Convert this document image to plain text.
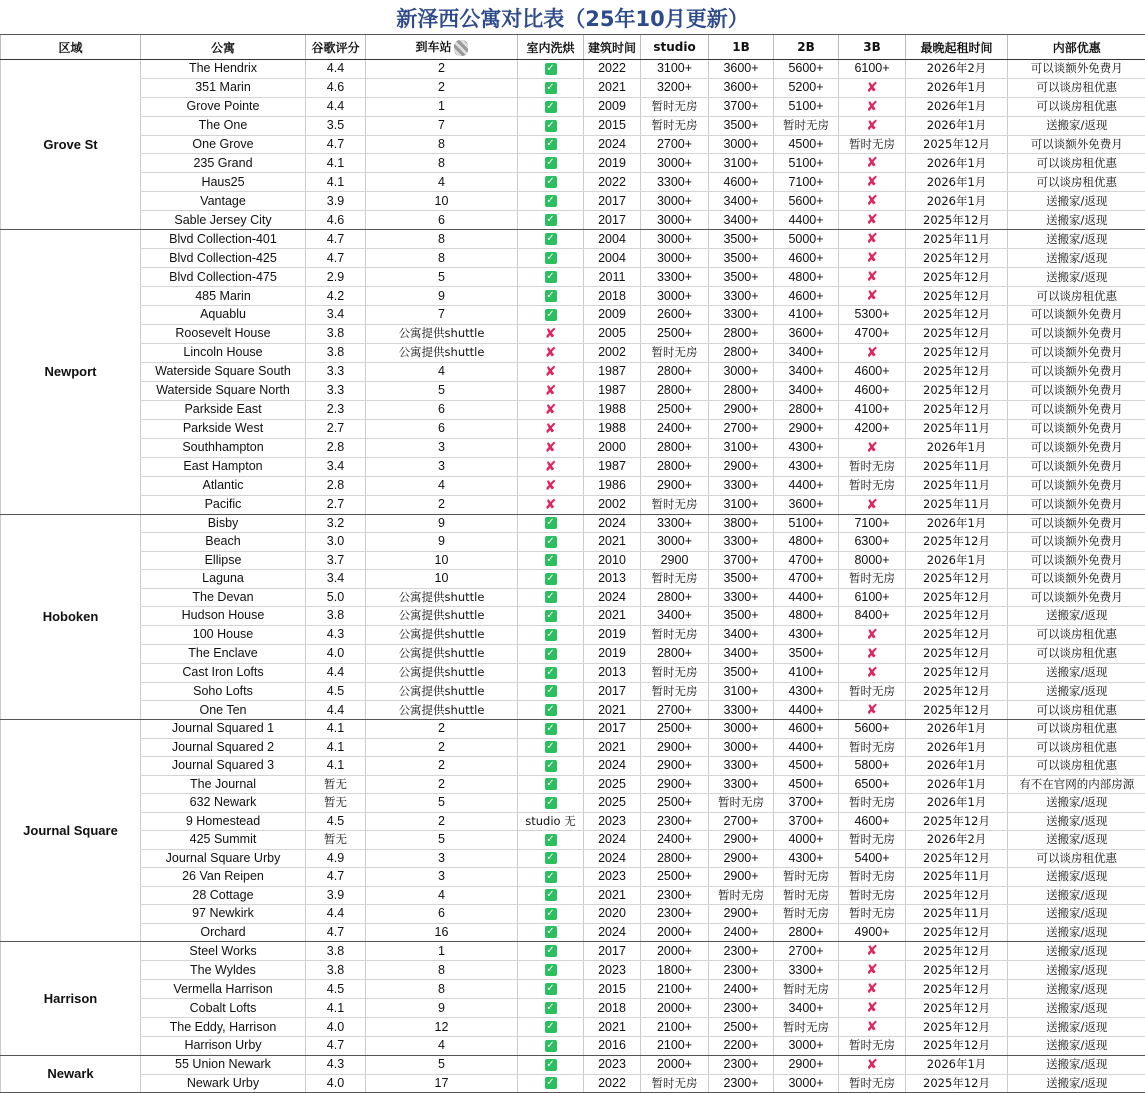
新泽西公寓对比表（25年10月更新）
区域	公寓	谷歌评分	到车站	室内洗烘	建筑时间	studio	1B	2B	3B	最晚起租时间	内部优惠
Grove St	The Hendrix	4.4	2	✓	2022	3100+	3600+	5600+	6100+	2026年2月	可以谈额外免费月
	351 Marin	4.6	2	✓	2021	3200+	3600+	5200+	✘	2026年1月	可以谈房租优惠
	Grove Pointe	4.4	1	✓	2009	暂时无房	3700+	5100+	✘	2026年1月	可以谈房租优惠
	The One	3.5	7	✓	2015	暂时无房	3500+	暂时无房	✘	2026年1月	送搬家/返现
	One Grove	4.7	8	✓	2024	2700+	3000+	4500+	暂时无房	2025年12月	可以谈额外免费月
	235 Grand	4.1	8	✓	2019	3000+	3100+	5100+	✘	2026年1月	可以谈房租优惠
	Haus25	4.1	4	✓	2022	3300+	4600+	7100+	✘	2026年1月	可以谈房租优惠
	Vantage	3.9	10	✓	2017	3000+	3400+	5600+	✘	2026年1月	送搬家/返现
	Sable Jersey City	4.6	6	✓	2017	3000+	3400+	4400+	✘	2025年12月	送搬家/返现
Newport	Blvd Collection-401	4.7	8	✓	2004	3000+	3500+	5000+	✘	2025年11月	送搬家/返现
	Blvd Collection-425	4.7	8	✓	2004	3000+	3500+	4600+	✘	2025年12月	送搬家/返现
	Blvd Collection-475	2.9	5	✓	2011	3300+	3500+	4800+	✘	2025年12月	送搬家/返现
	485 Marin	4.2	9	✓	2018	3000+	3300+	4600+	✘	2025年12月	可以谈房租优惠
	Aquablu	3.4	7	✓	2009	2600+	3300+	4100+	5300+	2025年12月	可以谈额外免费月
	Roosevelt House	3.8	公寓提供shuttle	✘	2005	2500+	2800+	3600+	4700+	2025年12月	可以谈额外免费月
	Lincoln House	3.8	公寓提供shuttle	✘	2002	暂时无房	2800+	3400+	✘	2025年12月	可以谈额外免费月
	Waterside Square South	3.3	4	✘	1987	2800+	3000+	3400+	4600+	2025年12月	可以谈额外免费月
	Waterside Square North	3.3	5	✘	1987	2800+	2800+	3400+	4600+	2025年12月	可以谈额外免费月
	Parkside East	2.3	6	✘	1988	2500+	2900+	2800+	4100+	2025年12月	可以谈额外免费月
	Parkside West	2.7	6	✘	1988	2400+	2700+	2900+	4200+	2025年11月	可以谈额外免费月
	Southhampton	2.8	3	✘	2000	2800+	3100+	4300+	✘	2026年1月	可以谈额外免费月
	East Hampton	3.4	3	✘	1987	2800+	2900+	4300+	暂时无房	2025年11月	可以谈额外免费月
	Atlantic	2.8	4	✘	1986	2900+	3300+	4400+	暂时无房	2025年11月	可以谈额外免费月
	Pacific	2.7	2	✘	2002	暂时无房	3100+	3600+	✘	2025年11月	可以谈额外免费月
Hoboken	Bisby	3.2	9	✓	2024	3300+	3800+	5100+	7100+	2026年1月	可以谈额外免费月
	Beach	3.0	9	✓	2021	3000+	3300+	4800+	6300+	2025年12月	可以谈额外免费月
	Ellipse	3.7	10	✓	2010	2900	3700+	4700+	8000+	2026年1月	可以谈额外免费月
	Laguna	3.4	10	✓	2013	暂时无房	3500+	4700+	暂时无房	2025年12月	可以谈额外免费月
	The Devan	5.0	公寓提供shuttle	✓	2024	2800+	3300+	4400+	6100+	2025年12月	可以谈额外免费月
	Hudson House	3.8	公寓提供shuttle	✓	2021	3400+	3500+	4800+	8400+	2025年12月	送搬家/返现
	100 House	4.3	公寓提供shuttle	✓	2019	暂时无房	3400+	4300+	✘	2025年12月	可以谈房租优惠
	The Enclave	4.0	公寓提供shuttle	✓	2019	2800+	3400+	3500+	✘	2025年12月	可以谈房租优惠
	Cast Iron Lofts	4.4	公寓提供shuttle	✓	2013	暂时无房	3500+	4100+	✘	2025年12月	送搬家/返现
	Soho Lofts	4.5	公寓提供shuttle	✓	2017	暂时无房	3100+	4300+	暂时无房	2025年12月	送搬家/返现
	One Ten	4.4	公寓提供shuttle	✓	2021	2700+	3300+	4400+	✘	2025年12月	可以谈房租优惠
Journal Square	Journal Squared 1	4.1	2	✓	2017	2500+	3000+	4600+	5600+	2026年1月	可以谈房租优惠
	Journal Squared 2	4.1	2	✓	2021	2900+	3000+	4400+	暂时无房	2026年1月	可以谈房租优惠
	Journal Squared 3	4.1	2	✓	2024	2900+	3300+	4500+	5800+	2026年1月	可以谈房租优惠
	The Journal	暂无	2	✓	2025	2900+	3300+	4500+	6500+	2026年1月	有不在官网的内部房源
	632 Newark	暂无	5	✓	2025	2500+	暂时无房	3700+	暂时无房	2026年1月	送搬家/返现
	9 Homestead	4.5	2	studio 无	2023	2300+	2700+	3700+	4600+	2025年12月	送搬家/返现
	425 Summit	暂无	5	✓	2024	2400+	2900+	4000+	暂时无房	2026年2月	送搬家/返现
	Journal Square Urby	4.9	3	✓	2024	2800+	2900+	4300+	5400+	2025年12月	可以谈房租优惠
	26 Van Reipen	4.7	3	✓	2023	2500+	2900+	暂时无房	暂时无房	2025年11月	送搬家/返现
	28 Cottage	3.9	4	✓	2021	2300+	暂时无房	暂时无房	暂时无房	2025年12月	送搬家/返现
	97 Newkirk	4.4	6	✓	2020	2300+	2900+	暂时无房	暂时无房	2025年11月	送搬家/返现
	Orchard	4.7	16	✓	2024	2000+	2400+	2800+	4900+	2025年12月	送搬家/返现
Harrison	Steel Works	3.8	1	✓	2017	2000+	2300+	2700+	✘	2025年12月	送搬家/返现
	The Wyldes	3.8	8	✓	2023	1800+	2300+	3300+	✘	2025年12月	送搬家/返现
	Vermella Harrison	4.5	8	✓	2015	2100+	2400+	暂时无房	✘	2025年12月	送搬家/返现
	Cobalt Lofts	4.1	9	✓	2018	2000+	2300+	3400+	✘	2025年12月	送搬家/返现
	The Eddy, Harrison	4.0	12	✓	2021	2100+	2500+	暂时无房	✘	2025年12月	送搬家/返现
	Harrison Urby	4.7	4	✓	2016	2100+	2200+	3000+	暂时无房	2025年12月	送搬家/返现
Newark	55 Union Newark	4.3	5	✓	2023	2000+	2300+	2900+	✘	2026年1月	送搬家/返现
	Newark Urby	4.0	17	✓	2022	暂时无房	2300+	3000+	暂时无房	2025年12月	送搬家/返现
